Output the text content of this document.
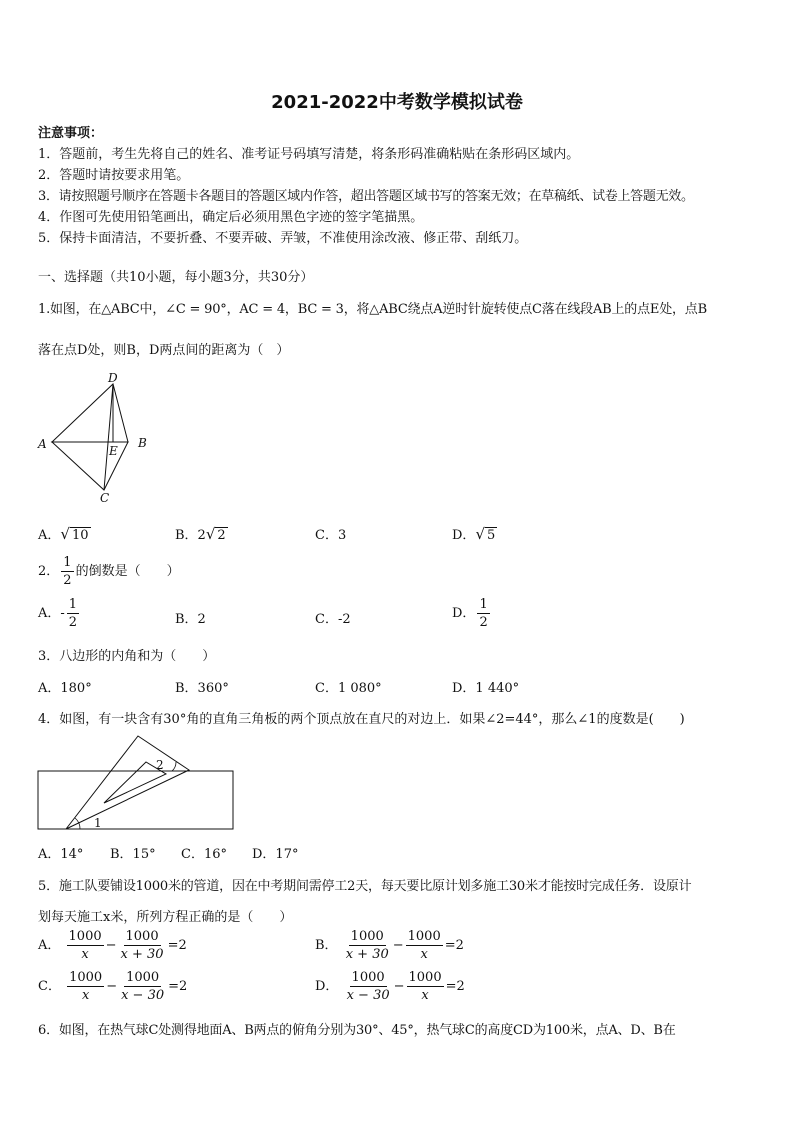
2021-2022中考数学模拟试卷
注意事项：
1．答题前，考生先将自己的姓名、准考证号码填写清楚，将条形码准确粘贴在条形码区域内。
2．答题时请按要求用笔。
3．请按照题号顺序在答题卡各题目的答题区域内作答，超出答题区域书写的答案无效；在草稿纸、试卷上答题无效。
4．作图可先使用铅笔画出，确定后必须用黑色字迹的签字笔描黑。
5．保持卡面清洁，不要折叠、不要弄破、弄皱，不准使用涂改液、修正带、刮纸刀。
一、选择题（共10小题，每小题3分，共30分）
1.如图，在△ABC中，∠C = 90°，AC = 4，BC = 3，将△ABC绕点A逆时针旋转使点C落在线段AB上的点E处，点B
落在点D处，则B，D两点间的距离为（　）
D
A	E
B
C
A． √ 10	B．2 √ 2	C．3	D． √ 5
2． $\frac{1}{2}$ 的倒数是（　　）
A．- $\frac{1}{2}$	B．2	C．-2	D． $\frac{1}{2}$
3．八边形的内角和为（　　）
A．180°	B．360°	C．1 080°	D．1 440°
4．如图，有一块含有30°角的直角三角板的两个顶点放在直尺的对边上．如果∠2=44°，那么∠1的度数是(　　)
1
2
A．14° B．15° C．16° D．17°
5．施工队要铺设1000米的管道，因在中考期间需停工2天，每天要比原计划多施工30米才能按时完成任务．设原计
划每天施工x米，所列方程正确的是（　　）
A． $\frac{1000}{x} - \frac{1000}{x + 30} =2$	B． $\frac{1000}{x + 30} - \frac{1000}{x} =2$
C． $\frac{1000}{x} - \frac{1000}{x - 30} =2$	D． $\frac{1000}{x - 30} - \frac{1000}{x} =2$
6．如图，在热气球C处测得地面A、B两点的俯角分别为30°、45°，热气球C的高度CD为100米，点A、D、B在
